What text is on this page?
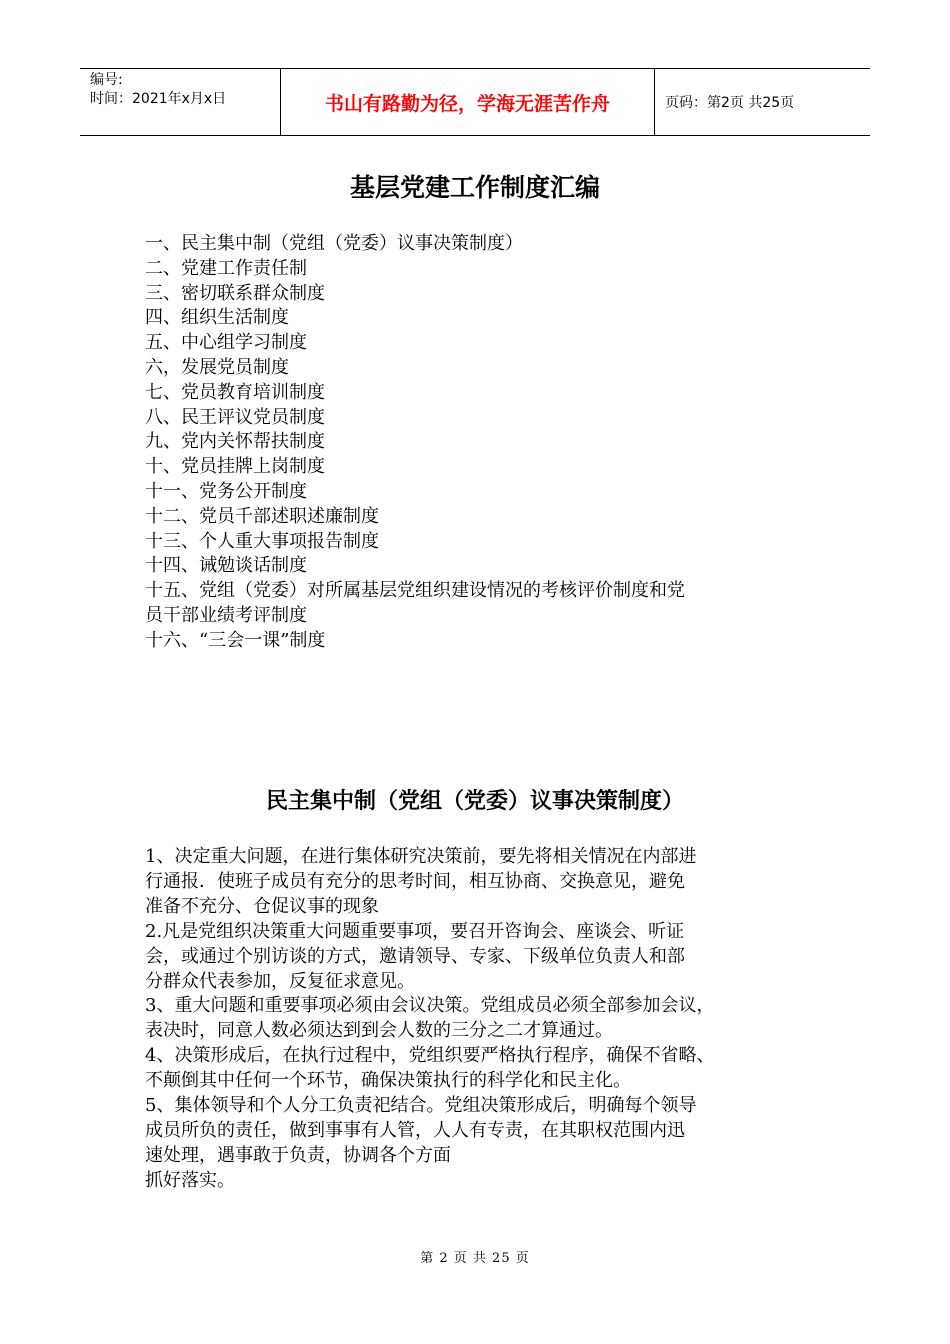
编号:
时间：2021年x月x日	书山有路勤为径，学海无涯苦作舟	页码：第2页 共25页
基层党建工作制度汇编
一、民主集中制（党组（党委）议事决策制度）
二、党建工作责任制
三、密切联系群众制度
四、组织生活制度
五、中心组学习制度
六，发展党员制度
七、党员教育培训制度
八、民王评议党员制度
九、党内关怀帮扶制度
十、党员挂牌上岗制度
十一、党务公开制度
十二、党员千部述职述廉制度
十三、个人重大事项报告制度
十四、诫勉谈话制度
十五、党组（党委）对所属基层党组织建设情况的考核评价制度和党
员干部业绩考评制度
十六、“三会一课”制度
民主集中制（党组（党委）议事决策制度）
1、决定重大问题，在进行集体研究决策前，要先将相关情况在内部进
行通报．使班子成员有充分的思考时间，相互协商、交换意见，避免
准备不充分、仓促议事的现象
2.凡是党组织决策重大问题重要事项，要召开咨询会、座谈会、听证
会，或通过个别访谈的方式，邀请领导、专家、下级单位负责人和部
分群众代表参加，反复征求意见。
3、重大问题和重要事项必须由会议决策。党组成员必须全部参加会议，
表决时，同意人数必须达到到会人数的三分之二才算通过。
4、决策形成后，在执行过程中，党组织要严格执行程序，确保不省略、
不颠倒其中任何一个环节，确保决策执行的科学化和民主化。
5、集体领导和个人分工负责祀结合。党组决策形成后，明确每个领导
成员所负的责任，做到事事有人管，人人有专责，在其职权范围内迅
速处理，遇事敢于负责，协调各个方面
抓好落实。
第 2 页 共 25 页
